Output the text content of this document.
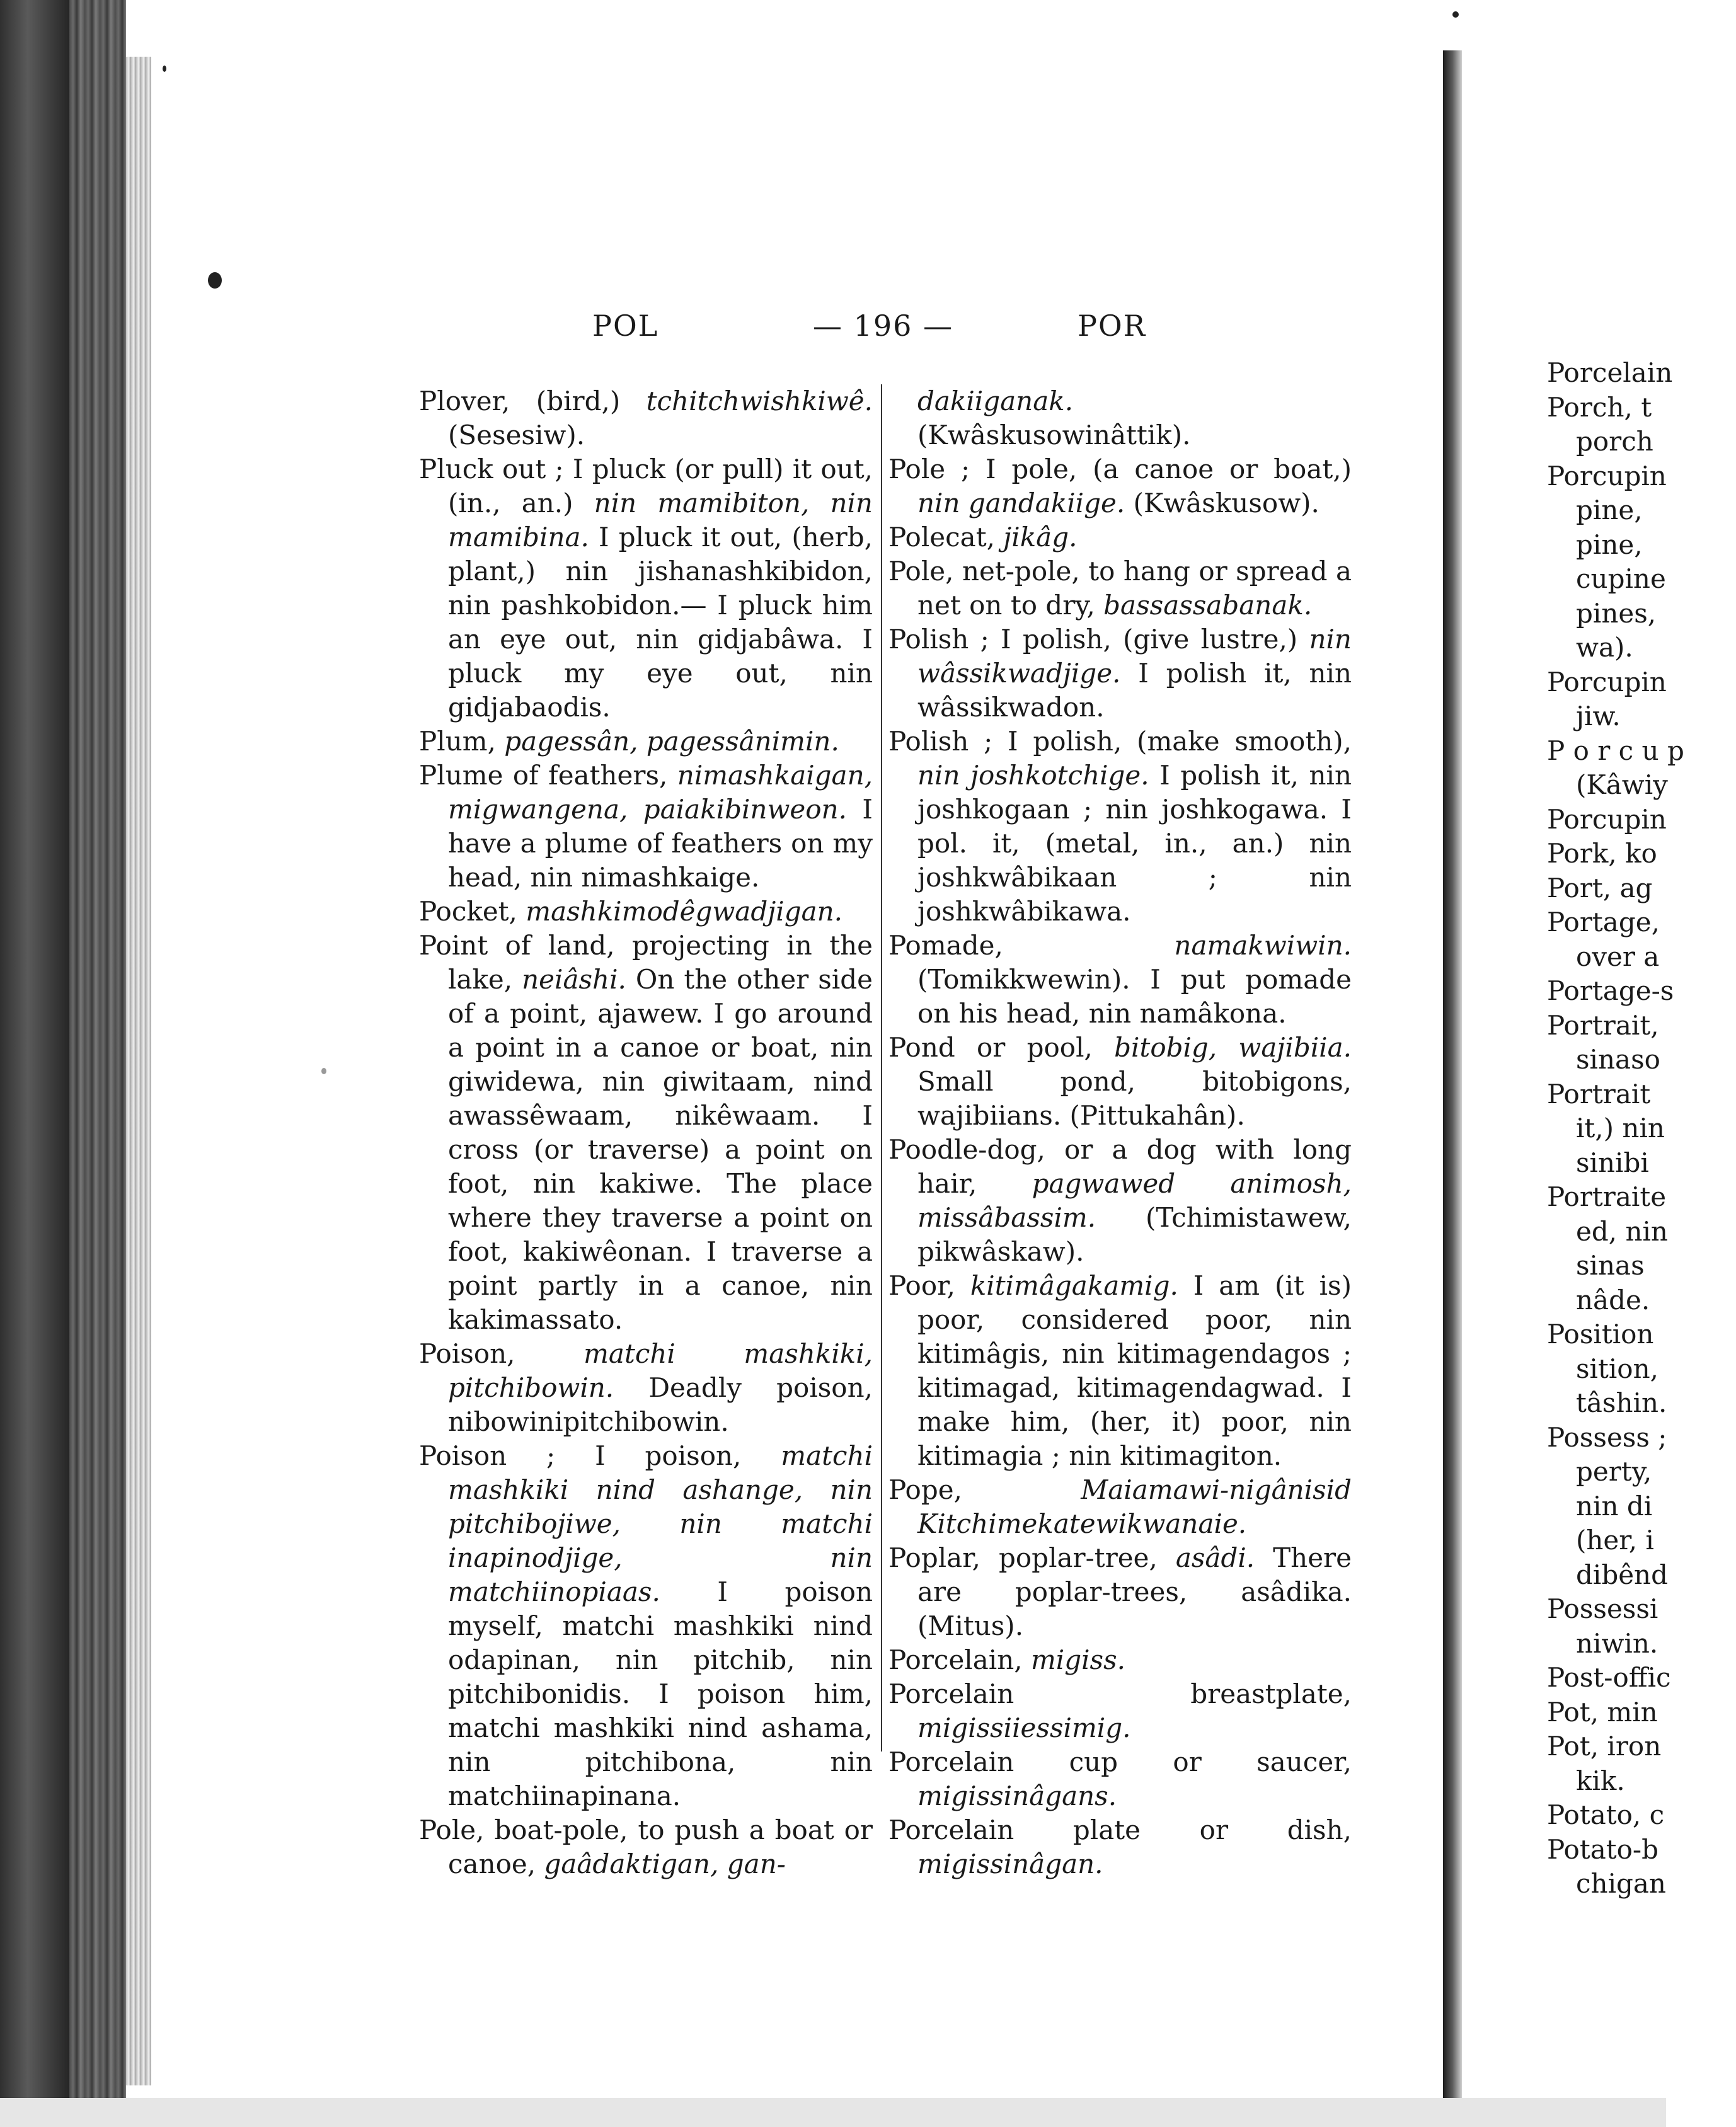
POL	— 196 —	POR
Plover, (bird,) tchitchwishkiwê. (Sesesiw).
Pluck out ; I pluck (or pull) it out, (in., an.) nin mamibiton, nin mamibina. I pluck it out, (herb, plant,) nin jishanashkibidon, nin pashkobidon.— I pluck him an eye out, nin gidjabâwa. I pluck my eye out, nin gidjabaodis.
Plum, pagessân, pagessânimin.
Plume of feathers, nimashkaigan, migwangena, paiakibinweon. I have a plume of feathers on my head, nin nimashkaige.
Pocket, mashkimodêgwadjigan.
Point of land, projecting in the lake, neiâshi. On the other side of a point, ajawew. I go around a point in a canoe or boat, nin giwidewa, nin giwitaam, nind awassêwaam, nikêwaam. I cross (or traverse) a point on foot, nin kakiwe. The place where they traverse a point on foot, kakiwêonan. I traverse a point partly in a canoe, nin kakimassato.
Poison, matchi mashkiki, pitchibowin. Deadly poison, nibowinipitchibowin.
Poison ; I poison, matchi mashkiki nind ashange, nin pitchibojiwe, nin matchi inapinodjige, nin matchiinopiaas. I poison myself, matchi mashkiki nind odapinan, nin pitchib, nin pitchibonidis. I poison him, matchi mashkiki nind ashama, nin pitchibona, nin matchiinapinana.
Pole, boat-pole, to push a boat or canoe, gaâdaktigan, gan-
dakiiganak. (Kwâskusowinâttik).
Pole ; I pole, (a canoe or boat,) nin gandakiige. (Kwâskusow).
Polecat, jikâg.
Pole, net-pole, to hang or spread a net on to dry, bassassabanak.
Polish ; I polish, (give lustre,) nin wâssikwadjige. I polish it, nin wâssikwadon.
Polish ; I polish, (make smooth), nin joshkotchige. I polish it, nin joshkogaan ; nin joshkogawa. I pol. it, (metal, in., an.) nin joshkwâbikaan ; nin joshkwâbikawa.
Pomade, namakwiwin. (Tomikkwewin). I put pomade on his head, nin namâkona.
Pond or pool, bitobig, wajibiia. Small pond, bitobigons, wajibiians. (Pittukahân).
Poodle-dog, or a dog with long hair, pagwawed animosh, missâbassim. (Tchimistawew, pikwâskaw).
Poor, kitimâgakamig. I am (it is) poor, considered poor, nin kitimâgis, nin kitimagendagos ; kitimagad, kitimagendagwad. I make him, (her, it) poor, nin kitimagia ; nin kitimagiton.
Pope, Maiamawi-nigânisid Kitchimekatewikwanaie.
Poplar, poplar-tree, asâdi. There are poplar-trees, asâdika. (Mitus).
Porcelain, migiss.
Porcelain breastplate, migissiiessimig.
Porcelain cup or saucer, migissinâgans.
Porcelain plate or dish, migissinâgan.
Porcelain
Porch, t
porch
Porcupin
pine,
pine,
cupine
pines,
wa).
Porcupin
jiw.
P o r c u p
(Kâwiy
Porcupin
Pork, ko
Port, ag
Portage,
over a
Portage-s
Portrait,
sinaso
Portrait
it,) nin
sinibi
Portraite
ed, nin
sinas
nâde.
Position
sition,
tâshin.
Possess ;
perty,
nin di
(her, i
dibênd
Possessi
niwin.
Post-offic
Pot, min
Pot, iron
kik.
Potato, c
Potato-b
chigan
